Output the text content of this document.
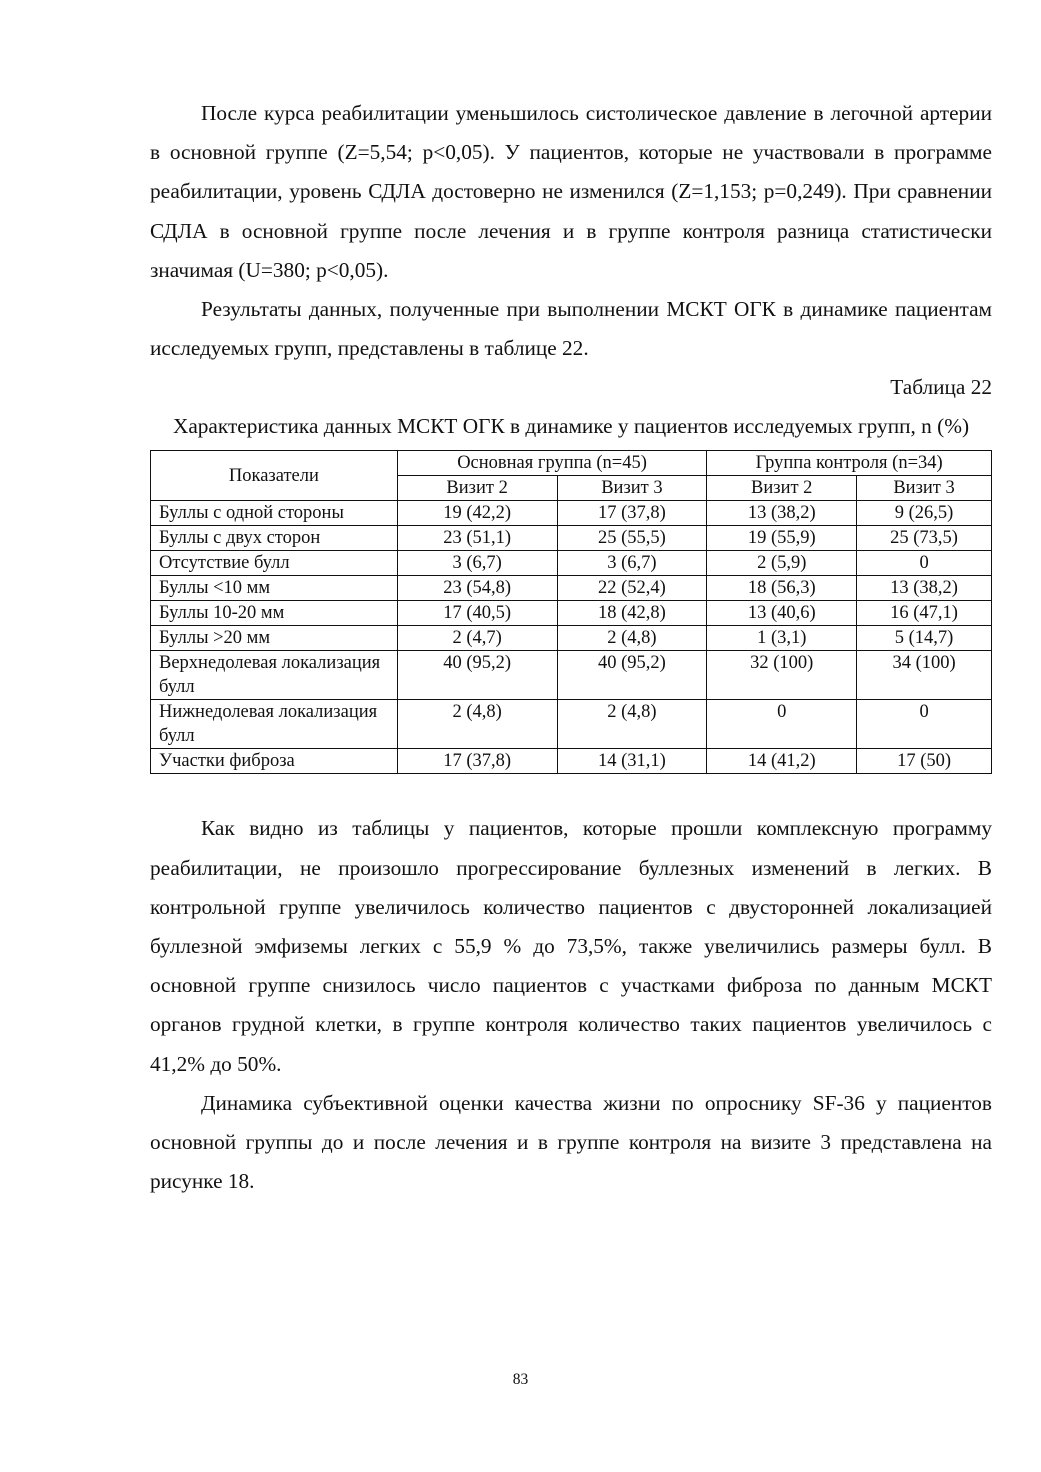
После курса реабилитации уменьшилось систолическое давление в легочной артерии в основной группе (Z=5,54; p<0,05). У пациентов, которые не участвовали в программе реабилитации, уровень СДЛА достоверно не изменился (Z=1,153; p=0,249). При сравнении СДЛА в основной группе после лечения и в группе контроля разница статистически значимая (U=380; p<0,05).

Результаты данных, полученные при выполнении МСКТ ОГК в динамике пациентам исследуемых групп, представлены в таблице 22.

Таблица 22

Характеристика данных МСКТ ОГК в динамике у пациентов исследуемых групп, n (%)

Показатели	Основная группа (n=45)		Группа контроля (n=34)	
	Визит 2	Визит 3	Визит 2	Визит 3
Буллы с одной стороны	19 (42,2)	17 (37,8)	13 (38,2)	9 (26,5)
Буллы с двух сторон	23 (51,1)	25 (55,5)	19 (55,9)	25 (73,5)
Отсутствие булл	3 (6,7)	3 (6,7)	2 (5,9)	0
Буллы <10 мм	23 (54,8)	22 (52,4)	18 (56,3)	13 (38,2)
Буллы 10-20 мм	17 (40,5)	18 (42,8)	13 (40,6)	16 (47,1)
Буллы >20 мм	2 (4,7)	2 (4,8)	1 (3,1)	5 (14,7)
Верхнедолевая локализация булл	40 (95,2)	40 (95,2)	32 (100)	34 (100)
Нижнедолевая локализация булл	2 (4,8)	2 (4,8)	0	0
Участки фиброза	17 (37,8)	14 (31,1)	14 (41,2)	17 (50)

Как видно из таблицы у пациентов, которые прошли комплексную программу реабилитации, не произошло прогрессирование буллезных изменений в легких. В контрольной группе увеличилось количество пациентов с двусторонней локализацией буллезной эмфиземы легких с 55,9 % до 73,5%, также увеличились размеры булл. В основной группе снизилось число пациентов с участками фиброза по данным МСКТ органов грудной клетки, в группе контроля количество таких пациентов увеличилось с 41,2% до 50%.

Динамика субъективной оценки качества жизни по опроснику SF-36 у пациентов основной группы до и после лечения и в группе контроля на визите 3 представлена на рисунке 18.

83
